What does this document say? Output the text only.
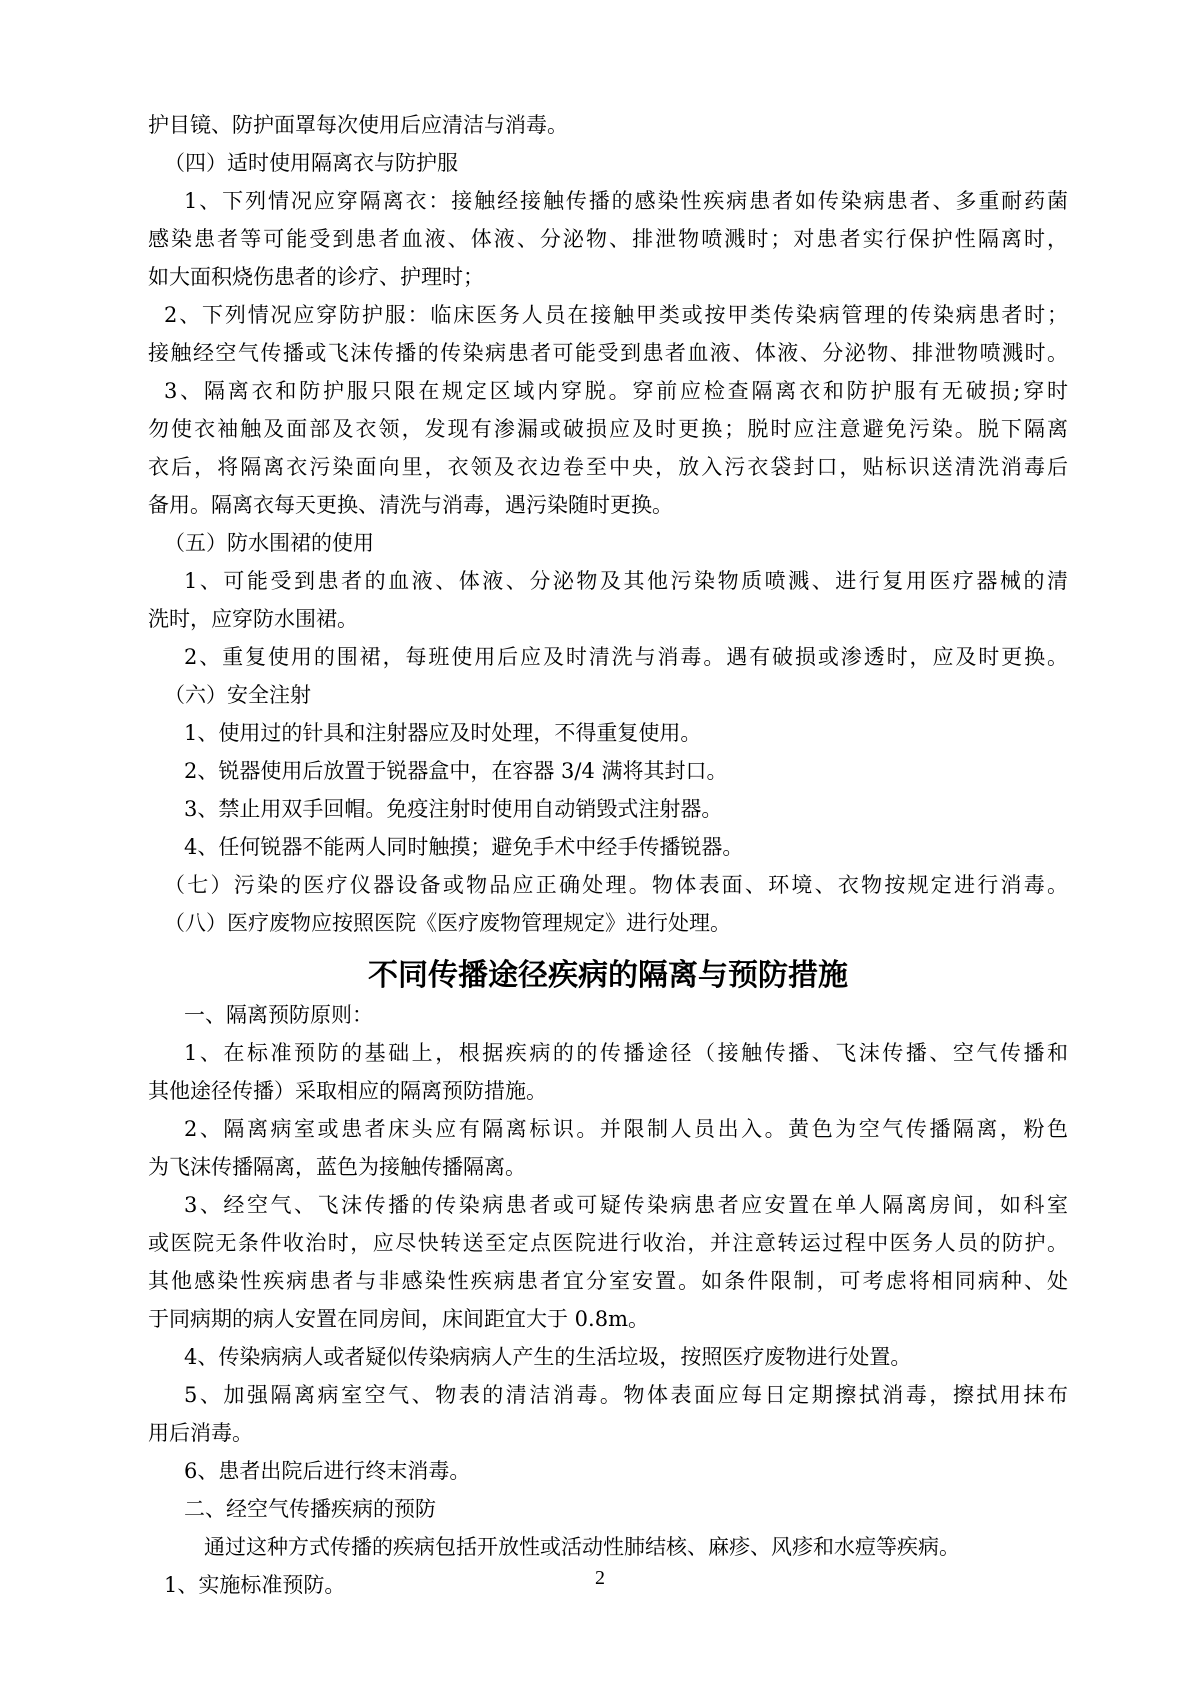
护目镜、防护面罩每次使用后应清洁与消毒。
（四）适时使用隔离衣与防护服
1、下列情况应穿隔离衣：接触经接触传播的感染性疾病患者如传染病患者、多重耐药菌
感染患者等可能受到患者血液、体液、分泌物、排泄物喷溅时；对患者实行保护性隔离时，
如大面积烧伤患者的诊疗、护理时；
2、下列情况应穿防护服：临床医务人员在接触甲类或按甲类传染病管理的传染病患者时；
接触经空气传播或飞沫传播的传染病患者可能受到患者血液、体液、分泌物、排泄物喷溅时。
3、隔离衣和防护服只限在规定区域内穿脱。穿前应检查隔离衣和防护服有无破损;穿时
勿使衣袖触及面部及衣领，发现有渗漏或破损应及时更换；脱时应注意避免污染。脱下隔离
衣后，将隔离衣污染面向里，衣领及衣边卷至中央，放入污衣袋封口，贴标识送清洗消毒后
备用。隔离衣每天更换、清洗与消毒，遇污染随时更换。
（五）防水围裙的使用
1、可能受到患者的血液、体液、分泌物及其他污染物质喷溅、进行复用医疗器械的清
洗时，应穿防水围裙。
2、重复使用的围裙，每班使用后应及时清洗与消毒。遇有破损或渗透时，应及时更换。
（六）安全注射
1、使用过的针具和注射器应及时处理，不得重复使用。
2、锐器使用后放置于锐器盒中，在容器 3/4 满将其封口。
3、禁止用双手回帽。免疫注射时使用自动销毁式注射器。
4、任何锐器不能两人同时触摸；避免手术中经手传播锐器。
（七）污染的医疗仪器设备或物品应正确处理。物体表面、环境、衣物按规定进行消毒。
（八）医疗废物应按照医院《医疗废物管理规定》进行处理。
不同传播途径疾病的隔离与预防措施
一、隔离预防原则：
1、在标准预防的基础上，根据疾病的的传播途径（接触传播、飞沫传播、空气传播和
其他途径传播）采取相应的隔离预防措施。
2、隔离病室或患者床头应有隔离标识。并限制人员出入。黄色为空气传播隔离，粉色
为飞沫传播隔离，蓝色为接触传播隔离。
3、经空气、飞沫传播的传染病患者或可疑传染病患者应安置在单人隔离房间，如科室
或医院无条件收治时，应尽快转送至定点医院进行收治，并注意转运过程中医务人员的防护。
其他感染性疾病患者与非感染性疾病患者宜分室安置。如条件限制，可考虑将相同病种、处
于同病期的病人安置在同房间，床间距宜大于 0.8m。
4、传染病病人或者疑似传染病病人产生的生活垃圾，按照医疗废物进行处置。
5、加强隔离病室空气、物表的清洁消毒。物体表面应每日定期擦拭消毒，擦拭用抹布
用后消毒。
6、患者出院后进行终末消毒。
二、经空气传播疾病的预防
通过这种方式传播的疾病包括开放性或活动性肺结核、麻疹、风疹和水痘等疾病。
1、实施标准预防。	2
